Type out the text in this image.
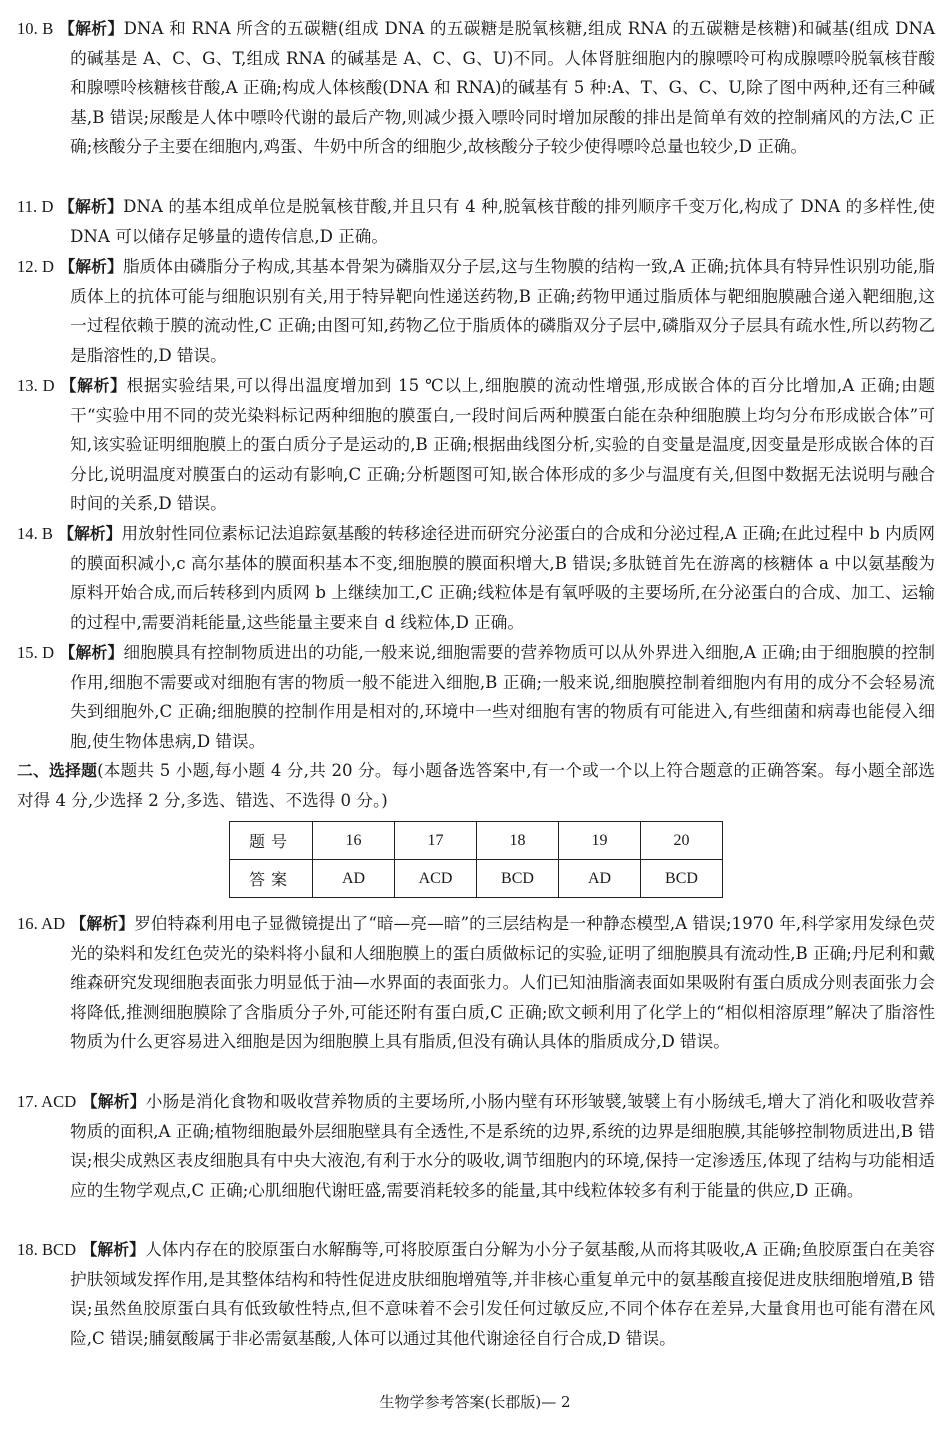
10. B 【解析】DNA 和 RNA 所含的五碳糖(组成 DNA 的五碳糖是脱氧核糖,组成 RNA 的五碳糖是核糖)和碱基(组成 DNA 的碱基是 A、C、G、T,组成 RNA 的碱基是 A、C、G、U)不同。人体肾脏细胞内的腺嘌呤可构成腺嘌呤脱氧核苷酸和腺嘌呤核糖核苷酸,A 正确;构成人体核酸(DNA 和 RNA)的碱基有 5 种:A、T、G、C、U,除了图中两种,还有三种碱基,B 错误;尿酸是人体中嘌呤代谢的最后产物,则减少摄入嘌呤同时增加尿酸的排出是简单有效的控制痛风的方法,C 正确;核酸分子主要在细胞内,鸡蛋、牛奶中所含的细胞少,故核酸分子较少使得嘌呤总量也较少,D 正确。
11. D 【解析】DNA 的基本组成单位是脱氧核苷酸,并且只有 4 种,脱氧核苷酸的排列顺序千变万化,构成了 DNA 的多样性,使 DNA 可以储存足够量的遗传信息,D 正确。
12. D 【解析】脂质体由磷脂分子构成,其基本骨架为磷脂双分子层,这与生物膜的结构一致,A 正确;抗体具有特异性识别功能,脂质体上的抗体可能与细胞识别有关,用于特异靶向性递送药物,B 正确;药物甲通过脂质体与靶细胞膜融合递入靶细胞,这一过程依赖于膜的流动性,C 正确;由图可知,药物乙位于脂质体的磷脂双分子层中,磷脂双分子层具有疏水性,所以药物乙是脂溶性的,D 错误。
13. D 【解析】根据实验结果,可以得出温度增加到 15 ℃以上,细胞膜的流动性增强,形成嵌合体的百分比增加,A 正确;由题干“实验中用不同的荧光染料标记两种细胞的膜蛋白,一段时间后两种膜蛋白能在杂种细胞膜上均匀分布形成嵌合体”可知,该实验证明细胞膜上的蛋白质分子是运动的,B 正确;根据曲线图分析,实验的自变量是温度,因变量是形成嵌合体的百分比,说明温度对膜蛋白的运动有影响,C 正确;分析题图可知,嵌合体形成的多少与温度有关,但图中数据无法说明与融合时间的关系,D 错误。
14. B 【解析】用放射性同位素标记法追踪氨基酸的转移途径进而研究分泌蛋白的合成和分泌过程,A 正确;在此过程中 b 内质网的膜面积减小,c 高尔基体的膜面积基本不变,细胞膜的膜面积增大,B 错误;多肽链首先在游离的核糖体 a 中以氨基酸为原料开始合成,而后转移到内质网 b 上继续加工,C 正确;线粒体是有氧呼吸的主要场所,在分泌蛋白的合成、加工、运输的过程中,需要消耗能量,这些能量主要来自 d 线粒体,D 正确。
15. D 【解析】细胞膜具有控制物质进出的功能,一般来说,细胞需要的营养物质可以从外界进入细胞,A 正确;由于细胞膜的控制作用,细胞不需要或对细胞有害的物质一般不能进入细胞,B 正确;一般来说,细胞膜控制着细胞内有用的成分不会轻易流失到细胞外,C 正确;细胞膜的控制作用是相对的,环境中一些对细胞有害的物质有可能进入,有些细菌和病毒也能侵入细胞,使生物体患病,D 错误。
二、选择题(本题共 5 小题,每小题 4 分,共 20 分。每小题备选答案中,有一个或一个以上符合题意的正确答案。每小题全部选对得 4 分,少选择 2 分,多选、错选、不选得 0 分。)
题号	16	17	18	19	20
答案	AD	ACD	BCD	AD	BCD
16. AD 【解析】罗伯特森利用电子显微镜提出了“暗—亮—暗”的三层结构是一种静态模型,A 错误;1970 年,科学家用发绿色荧光的染料和发红色荧光的染料将小鼠和人细胞膜上的蛋白质做标记的实验,证明了细胞膜具有流动性,B 正确;丹尼利和戴维森研究发现细胞表面张力明显低于油—水界面的表面张力。人们已知油脂滴表面如果吸附有蛋白质成分则表面张力会将降低,推测细胞膜除了含脂质分子外,可能还附有蛋白质,C 正确;欧文顿利用了化学上的“相似相溶原理”解决了脂溶性物质为什么更容易进入细胞是因为细胞膜上具有脂质,但没有确认具体的脂质成分,D 错误。
17. ACD 【解析】小肠是消化食物和吸收营养物质的主要场所,小肠内壁有环形皱襞,皱襞上有小肠绒毛,增大了消化和吸收营养物质的面积,A 正确;植物细胞最外层细胞壁具有全透性,不是系统的边界,系统的边界是细胞膜,其能够控制物质进出,B 错误;根尖成熟区表皮细胞具有中央大液泡,有利于水分的吸收,调节细胞内的环境,保持一定渗透压,体现了结构与功能相适应的生物学观点,C 正确;心肌细胞代谢旺盛,需要消耗较多的能量,其中线粒体较多有利于能量的供应,D 正确。
18. BCD 【解析】人体内存在的胶原蛋白水解酶等,可将胶原蛋白分解为小分子氨基酸,从而将其吸收,A 正确;鱼胶原蛋白在美容护肤领域发挥作用,是其整体结构和特性促进皮肤细胞增殖等,并非核心重复单元中的氨基酸直接促进皮肤细胞增殖,B 错误;虽然鱼胶原蛋白具有低致敏性特点,但不意味着不会引发任何过敏反应,不同个体存在差异,大量食用也可能有潜在风险,C 错误;脯氨酸属于非必需氨基酸,人体可以通过其他代谢途径自行合成,D 错误。
生物学参考答案(长郡版)— 2
